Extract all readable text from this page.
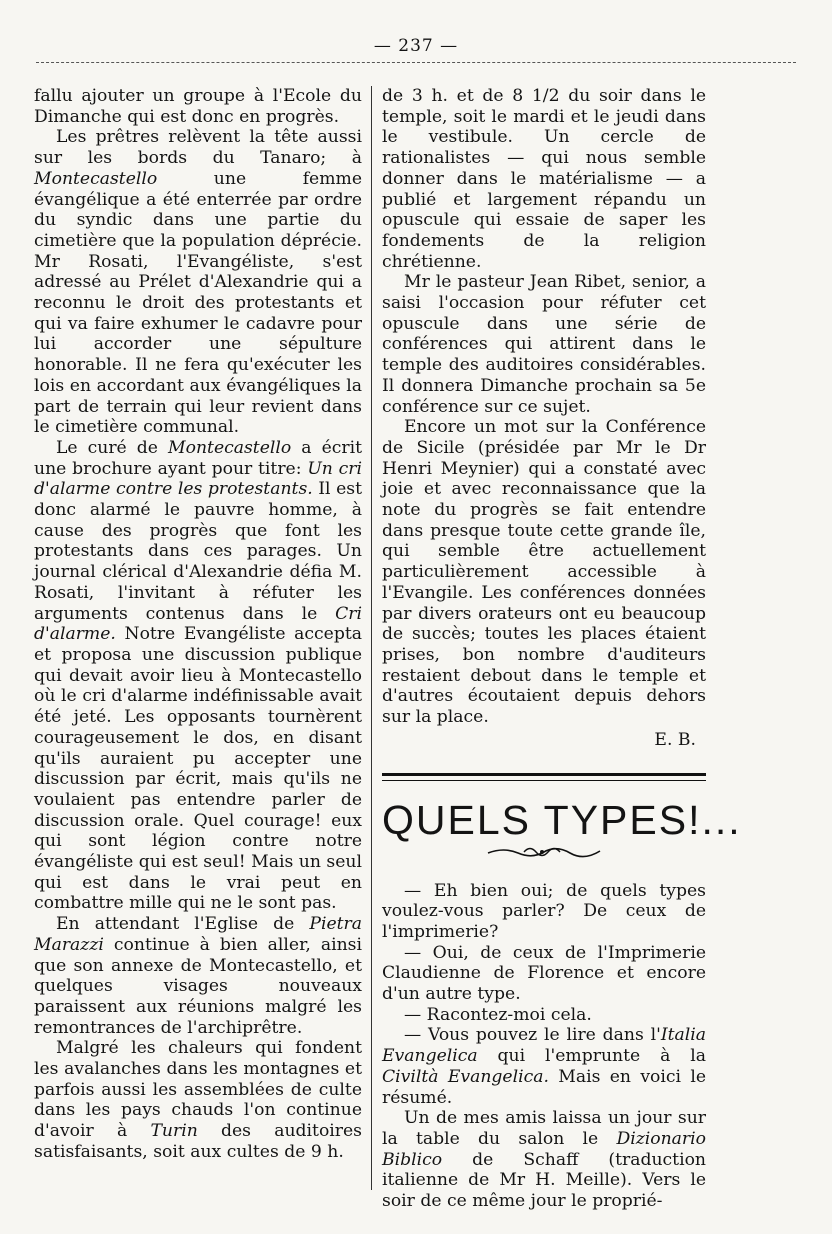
— 237 —

fallu ajouter un groupe à l'Ecole du Dimanche qui est donc en progrès.

Les prêtres relèvent la tête aussi sur les bords du Tanaro; à Montecastello une femme évangélique a été enterrée par ordre du syndic dans une partie du cimetière que la population déprécie. Mr Rosati, l'Evangéliste, s'est adressé au Prélet d'Alexandrie qui a reconnu le droit des protestants et qui va faire exhumer le cadavre pour lui accorder une sépulture honorable. Il ne fera qu'exécuter les lois en accordant aux évangéliques la part de terrain qui leur revient dans le cimetière communal.

Le curé de Montecastello a écrit une brochure ayant pour titre: Un cri d'alarme contre les protestants. Il est donc alarmé le pauvre homme, à cause des progrès que font les protestants dans ces parages. Un journal clérical d'Alexandrie défia M. Rosati, l'invitant à réfuter les arguments contenus dans le Cri d'alarme. Notre Evangéliste accepta et proposa une discussion publique qui devait avoir lieu à Montecastello où le cri d'alarme indéfinissable avait été jeté. Les opposants tournèrent courageusement le dos, en disant qu'ils auraient pu accepter une discussion par écrit, mais qu'ils ne voulaient pas entendre parler de discussion orale. Quel courage! eux qui sont légion contre notre évangéliste qui est seul! Mais un seul qui est dans le vrai peut en combattre mille qui ne le sont pas.

En attendant l'Eglise de Pietra Marazzi continue à bien aller, ainsi que son annexe de Montecastello, et quelques visages nouveaux paraissent aux réunions malgré les remontrances de l'archiprêtre.

Malgré les chaleurs qui fondent les avalanches dans les montagnes et parfois aussi les assemblées de culte dans les pays chauds l'on continue d'avoir à Turin des auditoires satisfaisants, soit aux cultes de 9 h.

de 3 h. et de 8 1/2 du soir dans le temple, soit le mardi et le jeudi dans le vestibule. Un cercle de rationalistes — qui nous semble donner dans le matérialisme — a publié et largement répandu un opuscule qui essaie de saper les fondements de la religion chrétienne.

Mr le pasteur Jean Ribet, senior, a saisi l'occasion pour réfuter cet opuscule dans une série de conférences qui attirent dans le temple des auditoires considérables. Il donnera Dimanche prochain sa 5e conférence sur ce sujet.

Encore un mot sur la Conférence de Sicile (présidée par Mr le Dr Henri Meynier) qui a constaté avec joie et avec reconnaissance que la note du progrès se fait entendre dans presque toute cette grande île, qui semble être actuellement particulièrement accessible à l'Evangile. Les conférences données par divers orateurs ont eu beaucoup de succès; toutes les places étaient prises, bon nombre d'auditeurs restaient debout dans le temple et d'autres écoutaient depuis dehors sur la place.

E. B.
QUELS TYPES!...

— Eh bien oui; de quels types voulez-vous parler? De ceux de l'imprimerie?

— Oui, de ceux de l'Imprimerie Claudienne de Florence et encore d'un autre type.

— Racontez-moi cela.

— Vous pouvez le lire dans l'Italia Evangelica qui l'emprunte à la Civiltà Evangelica. Mais en voici le résumé.

Un de mes amis laissa un jour sur la table du salon le Dizionario Biblico de Schaff (traduction italienne de Mr H. Meille). Vers le soir de ce même jour le proprié-
